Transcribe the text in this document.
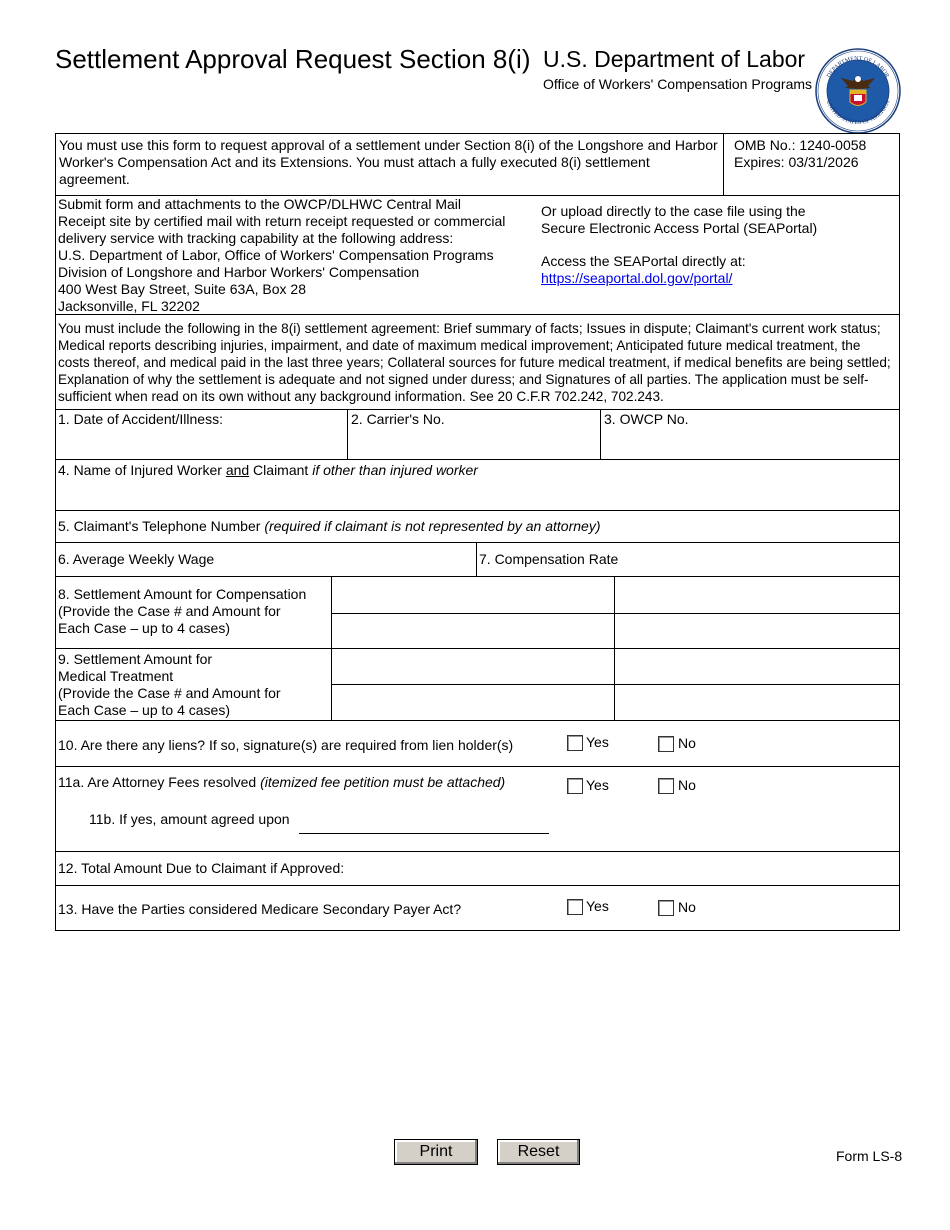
Settlement Approval Request Section 8(i) U.S. Department of Labor
Office of Workers' Compensation Programs
DEPARTMENT OF LABOR
UNITED STATES OF AMERICA
You must use this form to request approval of a settlement under Section 8(i) of the Longshore and Harbor Worker's Compensation Act and its Extensions. You must attach a fully executed 8(i) settlement agreement.
OMB No.: 1240-0058
Expires: 03/31/2026
Submit form and attachments to the OWCP/DLHWC Central Mail
Receipt site by certified mail with return receipt requested or commercial
delivery service with tracking capability at the following address:
U.S. Department of Labor, Office of Workers' Compensation Programs
Division of Longshore and Harbor Workers' Compensation
400 West Bay Street, Suite 63A, Box 28
Jacksonville, FL 32202
Or upload directly to the case file using the
Secure Electronic Access Portal (SEAPortal)
Access the SEAPortal directly at:
https://seaportal.dol.gov/portal/
You must include the following in the 8(i) settlement agreement: Brief summary of facts; Issues in dispute; Claimant's current work status; Medical reports describing injuries, impairment, and date of maximum medical improvement; Anticipated future medical treatment, the costs thereof, and medical paid in the last three years; Collateral sources for future medical treatment, if medical benefits are being settled; Explanation of why the settlement is adequate and not signed under duress; and Signatures of all parties. The application must be self-sufficient when read on its own without any background information. See 20 C.F.R 702.242, 702.243.
1. Date of Accident/Illness:	2. Carrier's No.	3. OWCP No.
4. Name of Injured Worker and Claimant if other than injured worker
5. Claimant's Telephone Number (required if claimant is not represented by an attorney)
6. Average Weekly Wage	7. Compensation Rate
8. Settlement Amount for Compensation
(Provide the Case # and Amount for
Each Case – up to 4 cases)
9. Settlement Amount for
Medical Treatment
(Provide the Case # and Amount for
Each Case – up to 4 cases)
10. Are there any liens? If so, signature(s) are required from lien holder(s)	Yes	No
11a. Are Attorney Fees resolved (itemized fee petition must be attached)	Yes	No
11b. If yes, amount agreed upon
12. Total Amount Due to Claimant if Approved:
13. Have the Parties considered Medicare Secondary Payer Act?	Yes	No
Print	Reset	Form LS-8
